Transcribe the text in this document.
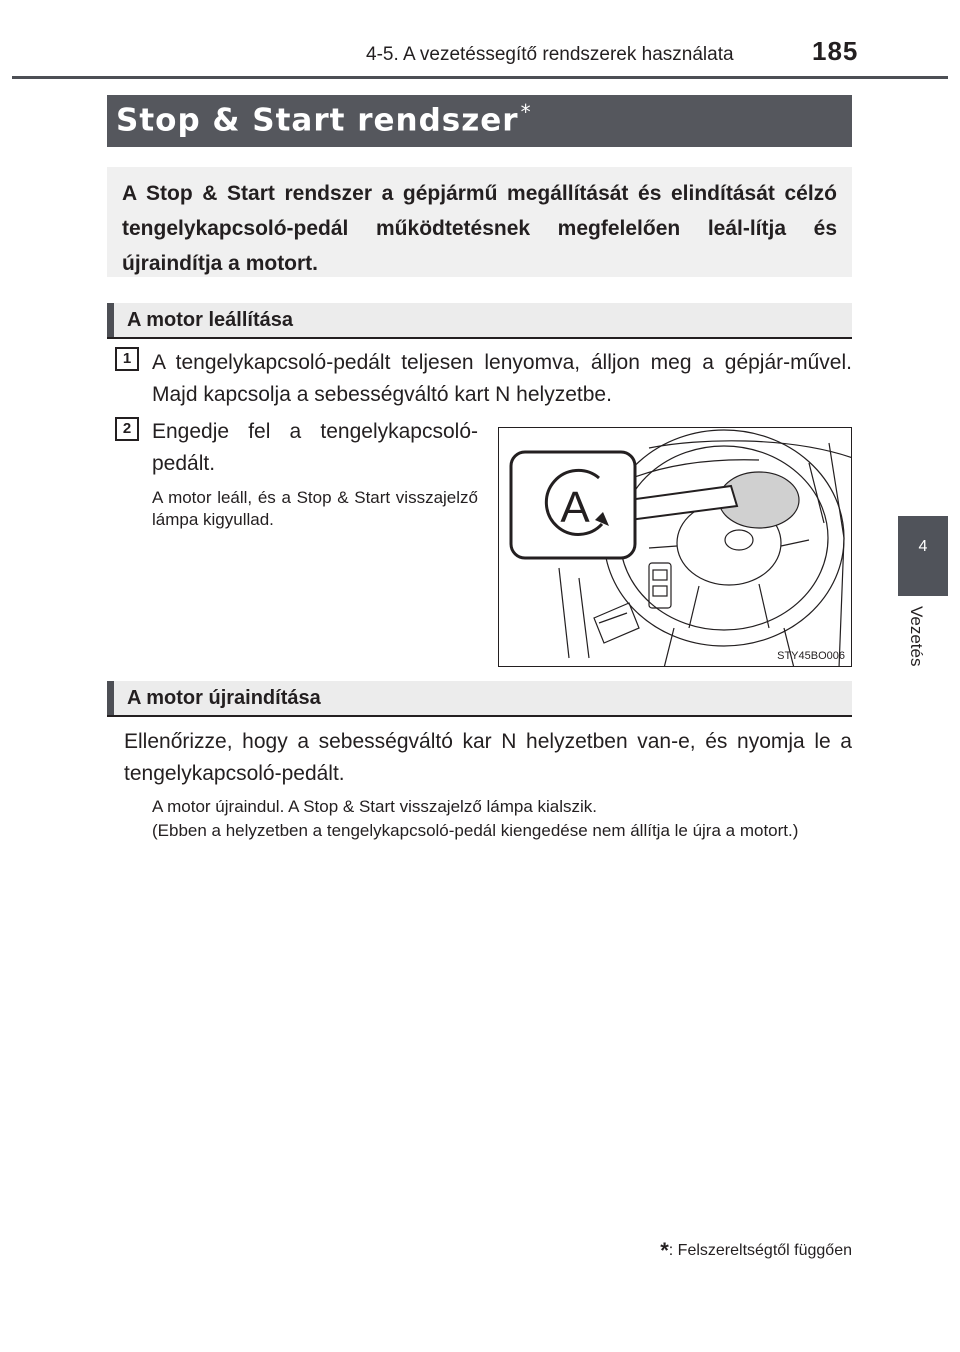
4-5. A vezetéssegítő rendszerek használata	185
4
Vezetés
Stop & Start rendszer *
A Stop & Start rendszer a gépjármű megállítását és elindítását célzó tengelykapcsoló-pedál működtetésnek megfelelően leál-lítja és újraindítja a motort.
A motor leállítása
1 A tengelykapcsoló-pedált teljesen lenyomva, álljon meg a gépjár-művel. Majd kapcsolja a sebességváltó kart N helyzetbe.
2 Engedje fel a tengelykapcsoló-pedált.
A motor leáll, és a Stop & Start visszajelző lámpa kigyullad.	A
STY45BO006
A motor újraindítása
Ellenőrizze, hogy a sebességváltó kar N helyzetben van-e, és nyomja le a tengelykapcsoló-pedált.
A motor újraindul. A Stop & Start visszajelző lámpa kialszik.
(Ebben a helyzetben a tengelykapcsoló-pedál kiengedése nem állítja le újra a motort.)
*: Felszereltségtől függően
